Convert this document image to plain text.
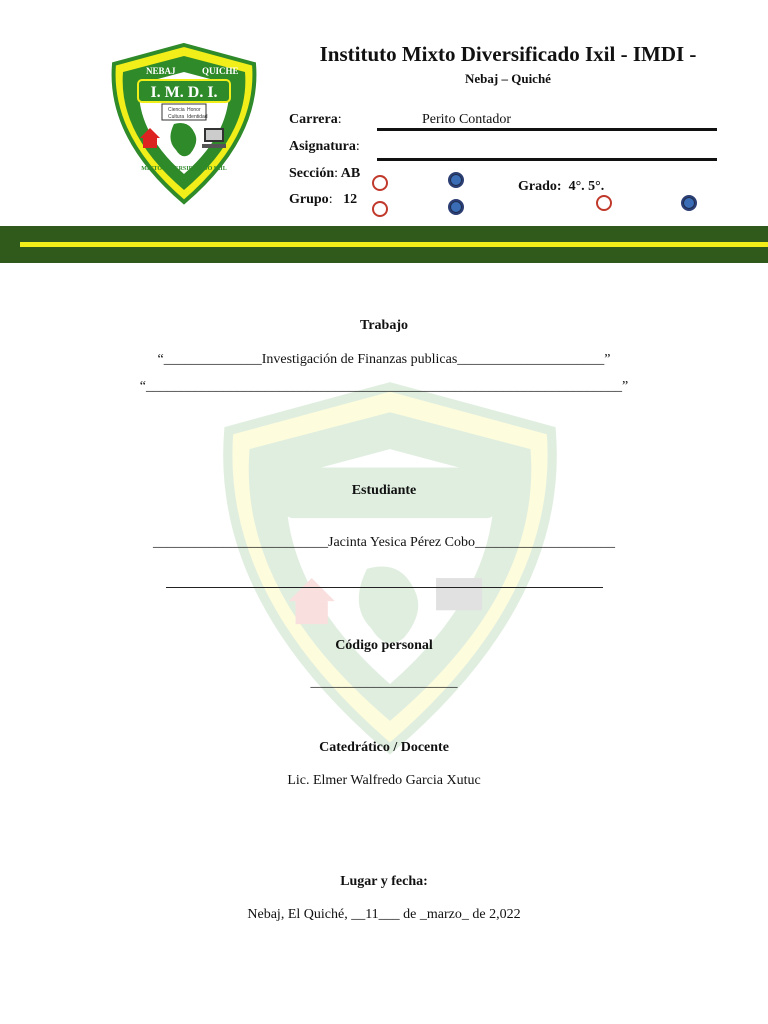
I. M. D. I.
NEBAJ	QUICHE
Ciencia Honor
Cultura Identidad
MIXTO DIVERSIFICADO IXIL
Instituto Mixto Diversificado Ixil - IMDI -
Nebaj – Quiché
Carrera:	Perito Contador
Asignatura:
Sección: AB
Grado: 4°. 5°.
Grupo: 12
Trabajo
“______________Investigación de Finanzas publicas_____________________”
“____________________________________________________________________”
Estudiante
_________________________Jacinta Yesica Pérez Cobo____________________
Código personal
_____________________
Catedrático / Docente
Lic. Elmer Walfredo Garcia Xutuc
Lugar y fecha:
Nebaj, El Quiché, __11___ de _marzo_ de 2,022
